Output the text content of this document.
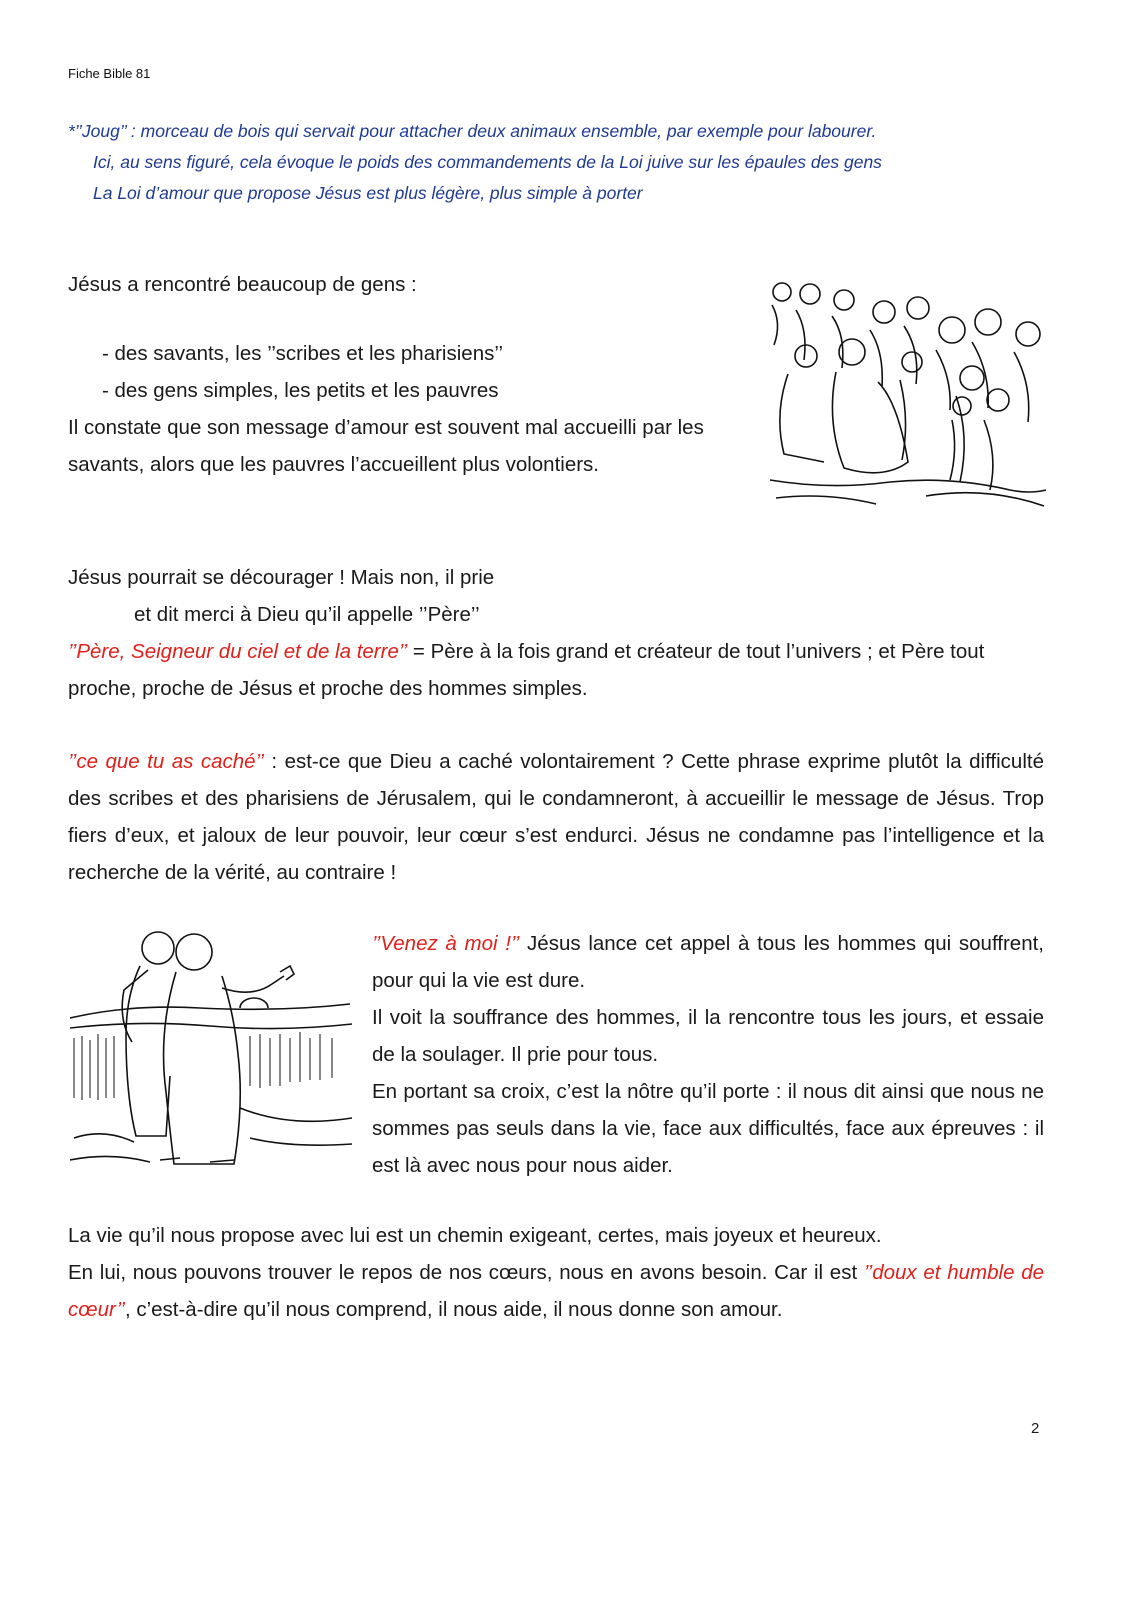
Fiche Bible 81
*’’Joug’’ : morceau de bois qui servait pour attacher deux animaux ensemble, par exemple pour labourer.
Ici, au sens figuré, cela évoque le poids des commandements de la Loi juive sur les épaules des gens
La Loi d’amour que propose Jésus est plus légère, plus simple à porter
Jésus a rencontré beaucoup de gens :
- des savants, les ’’scribes et les pharisiens’’
- des gens simples, les petits et les pauvres
Il constate que son message d’amour est souvent mal accueilli par les savants, alors que les pauvres l’accueillent plus volontiers.
Jésus pourrait se décourager ! Mais non, il prie
et dit merci à Dieu qu’il appelle ’’Père’’
’’Père, Seigneur du ciel et de la terre’’ = Père à la fois grand et créateur de tout l’univers ; et Père tout proche, proche de Jésus et proche des hommes simples.
’’ce que tu as caché’’ : est-ce que Dieu a caché volontairement ? Cette phrase exprime plutôt la difficulté des scribes et des pharisiens de Jérusalem, qui le condamneront, à accueillir le message de Jésus. Trop fiers d’eux, et jaloux de leur pouvoir, leur cœur s’est endurci. Jésus ne condamne pas l’intelligence et la recherche de la vérité, au contraire !
’’Venez à moi !’’ Jésus lance cet appel à tous les hommes qui souffrent, pour qui la vie est dure.
Il voit la souffrance des hommes, il la rencontre tous les jours, et essaie de la soulager. Il prie pour tous.
En portant sa croix, c’est la nôtre qu’il porte : il nous dit ainsi que nous ne sommes pas seuls dans la vie, face aux difficultés, face aux épreuves : il est là avec nous pour nous aider.
La vie qu’il nous propose avec lui est un chemin exigeant, certes, mais joyeux et heureux.
En lui, nous pouvons trouver le repos de nos cœurs, nous en avons besoin. Car il est ’’doux et humble de cœur’’, c’est-à-dire qu’il nous comprend, il nous aide, il nous donne son amour.
2
